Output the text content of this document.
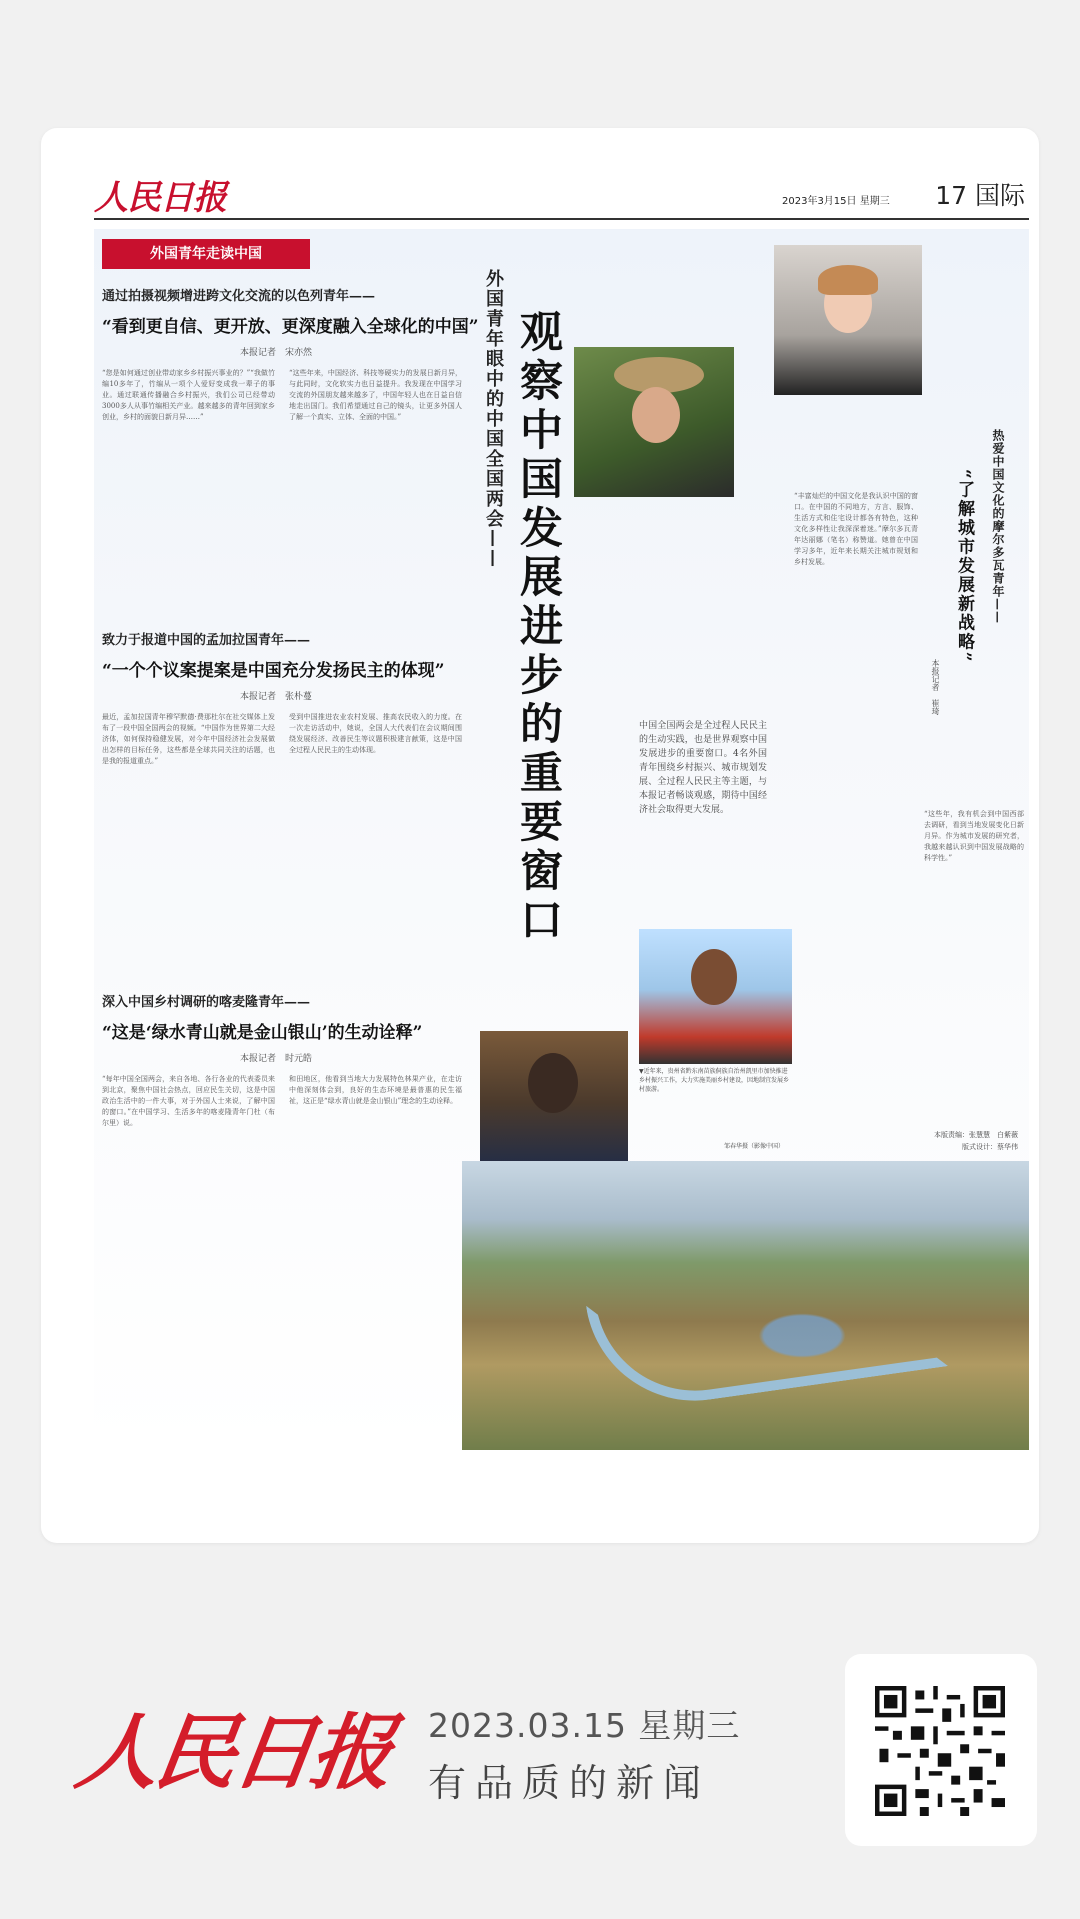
人民日报	2023年3月15日 星期三 17 国际
外国青年走读中国
通过拍摄视频增进跨文化交流的以色列青年——
“看到更自信、更开放、更深度融入全球化的中国”
本报记者　宋亦然
“您是如何通过创业带动家乡乡村振兴事业的？”“我做竹编10多年了，竹编从一项个人爱好变成我一辈子的事业。通过联通传播融合乡村振兴，我们公司已经带动3000多人从事竹编相关产业。越来越多的青年回到家乡创业，乡村的面貌日新月异……”
“这些年来，中国经济、科技等硬实力的发展日新月异，与此同时，文化软实力也日益提升。我发现在中国学习交流的外国朋友越来越多了，中国年轻人也在日益自信地走出国门。我们希望通过自己的镜头，让更多外国人了解一个真实、立体、全面的中国。”
致力于报道中国的孟加拉国青年——
“一个个议案提案是中国充分发扬民主的体现”
本报记者　张朴蔓
最近，孟加拉国青年穆罕默德·费那杜尔在社交媒体上发布了一段中国全国两会的视频。“中国作为世界第二大经济体，如何保持稳健发展，对今年中国经济社会发展做出怎样的目标任务，这些都是全球共同关注的话题，也是我的报道重点。”
受到中国推进农业农村发展、推高农民收入的力度。在一次走访活动中，她说，全国人大代表们在会议期间围绕发展经济、改善民生等议题积极建言献策，这是中国全过程人民民主的生动体现。
深入中国乡村调研的喀麦隆青年——
“这是‘绿水青山就是金山银山’的生动诠释”
本报记者　时元皓
“每年中国全国两会，来自各地、各行各业的代表委员来到北京，聚焦中国社会热点，回应民生关切，这是中国政治生活中的一件大事，对于外国人士来说，了解中国的窗口。”在中国学习、生活多年的喀麦隆青年门杜（布尔里）说。
和田地区，他看到当地大力发展特色林果产业，在走访中他深刻体会到，良好的生态环境是最普惠的民生福祉，这正是“绿水青山就是金山银山”理念的生动诠释。
外国青年眼中的中国全国两会—— 观察中国发展进步的重要窗口	中国全国两会是全过程人民民主的生动实践，也是世界观察中国发展进步的重要窗口。4名外国青年围绕乡村振兴、城市规划发展、全过程人民民主等主题，与本报记者畅谈观感，期待中国经济社会取得更大发展。
▼近年来，贵州省黔东南苗族侗族自治州凯里市加快推进乡村振兴工作，大力实施美丽乡村建设，因地制宜发展乡村旅游。
邹春华摄（影像中国）
热爱中国文化的摩尔多瓦青年——
“了解城市发展新战略”
本报记者　崔琦
“丰富灿烂的中国文化是我认识中国的窗口。在中国的不同地方，方言、服饰、生活方式和住宅设计都各有特色，这种文化多样性让我深深着迷。”摩尔多瓦青年达丽娜（笔名）称赞道。她曾在中国学习多年，近年来长期关注城市规划和乡村发展。
“这些年，我有机会到中国西部去调研，看到当地发展变化日新月异。作为城市发展的研究者，我越来越认识到中国发展战略的科学性。”
本版责编：张慧慧　白紫薇
版式设计：蔡华伟
人民日报 2023.03.15 星期三
有品质的新闻
